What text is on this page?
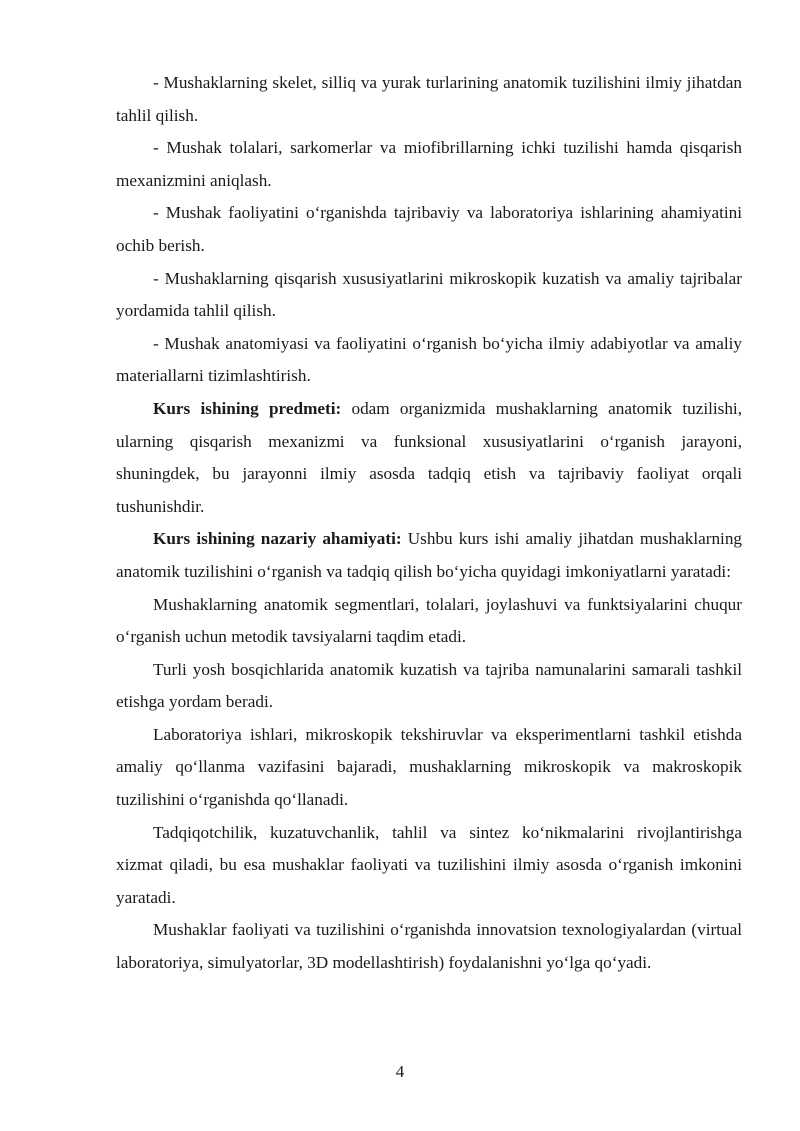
- Mushaklarning skelet, silliq va yurak turlarining anatomik tuzilishini ilmiy jihatdan tahlil qilish.

- Mushak tolalari, sarkomerlar va miofibrillarning ichki tuzilishi hamda qisqarish mexanizmini aniqlash.

- Mushak faoliyatini o‘rganishda tajribaviy va laboratoriya ishlarining ahamiyatini ochib berish.

- Mushaklarning qisqarish xususiyatlarini mikroskopik kuzatish va amaliy tajribalar yordamida tahlil qilish.

- Mushak anatomiyasi va faoliyatini o‘rganish bo‘yicha ilmiy adabiyotlar va amaliy materiallarni tizimlashtirish.

Kurs ishining predmeti: odam organizmida mushaklarning anatomik tuzilishi, ularning qisqarish mexanizmi va funksional xususiyatlarini o‘rganish jarayoni, shuningdek, bu jarayonni ilmiy asosda tadqiq etish va tajribaviy faoliyat orqali tushunishdir.

Kurs ishining nazariy ahamiyati: Ushbu kurs ishi amaliy jihatdan mushaklarning anatomik tuzilishini o‘rganish va tadqiq qilish bo‘yicha quyidagi imkoniyatlarni yaratadi:

Mushaklarning anatomik segmentlari, tolalari, joylashuvi va funktsiyalarini chuqur o‘rganish uchun metodik tavsiyalarni taqdim etadi.

Turli yosh bosqichlarida anatomik kuzatish va tajriba namunalarini samarali tashkil etishga yordam beradi.

Laboratoriya ishlari, mikroskopik tekshiruvlar va eksperimentlarni tashkil etishda amaliy qo‘llanma vazifasini bajaradi, mushaklarning mikroskopik va makroskopik tuzilishini o‘rganishda qo‘llanadi.

Tadqiqotchilik, kuzatuvchanlik, tahlil va sintez ko‘nikmalarini rivojlantirishga xizmat qiladi, bu esa mushaklar faoliyati va tuzilishini ilmiy asosda o‘rganish imkonini yaratadi.

Mushaklar faoliyati va tuzilishini o‘rganishda innovatsion texnologiyalardan (virtual laboratoriya, simulyatorlar, 3D modellashtirish) foydalanishni yo‘lga qo‘yadi.

4
